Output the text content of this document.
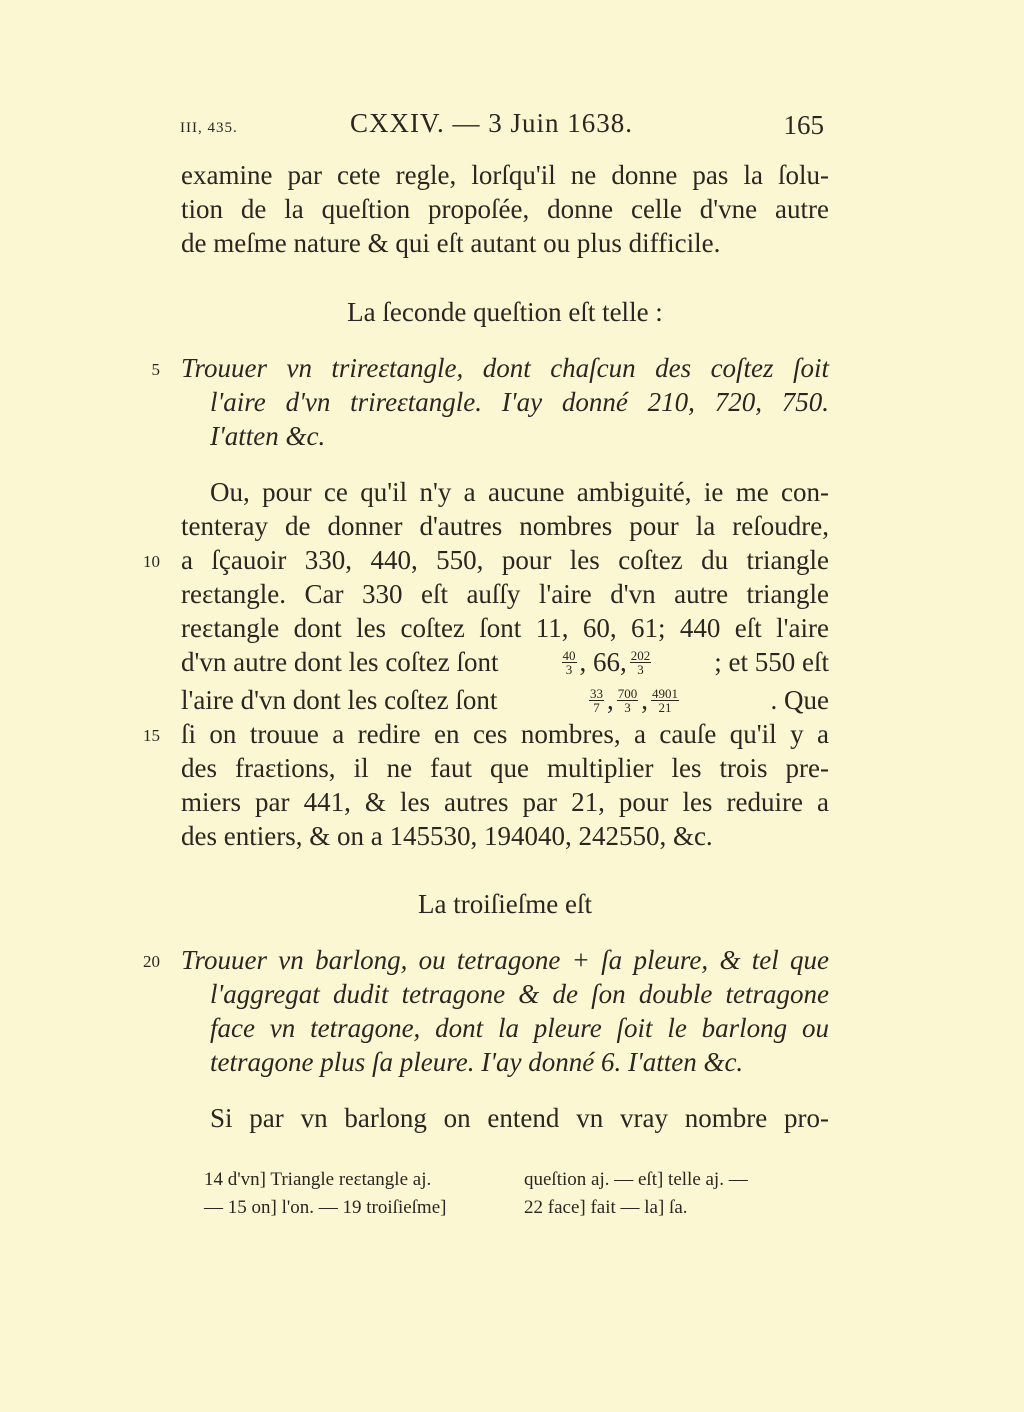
III, 435.	CXXIV. — 3 Juin 1638.	165
examine par cete regle, lorſqu'il ne donne pas la ſolu-
tion de la queſtion propoſée, donne celle d'vne autre
de meſme nature & qui eſt autant ou plus difficile.
La ſeconde queſtion eſt telle :
5 Trouuer vn trireɛtangle, dont chaſcun des coſtez ſoit
l'aire d'vn trireɛtangle. I'ay donné 210, 720, 750.
I'atten &c.
Ou, pour ce qu'il n'y a aucune ambiguité, ie me con-
tenteray de donner d'autres nombres pour la reſoudre,
10 a ſçauoir 330, 440, 550, pour les coſtez du triangle
reɛtangle. Car 330 eſt auſſy l'aire d'vn autre triangle
reɛtangle dont les coſtez ſont 11, 60, 61; 440 eſt l'aire
d'vn autre dont les coſtez ſont	$\frac{40}{3}$ , 66, $\frac{202}{3}$ ; et 550 eſt
l'aire d'vn dont les coſtez ſont	$\frac{33}{7}$ , $\frac{700}{3}$ , $\frac{4901}{21}$	. Que
15 ſi on trouue a redire en ces nombres, a cauſe qu'il y a
des fraɛtions, il ne faut que multiplier les trois pre-
miers par 441, & les autres par 21, pour les reduire a
des entiers, & on a 145530, 194040, 242550, &c.
La troiſieſme eſt
20 Trouuer vn barlong, ou tetragone + ſa pleure, & tel que
l'aggregat dudit tetragone & de ſon double tetragone
face vn tetragone, dont la pleure ſoit le barlong ou
tetragone plus ſa pleure. I'ay donné 6. I'atten &c.
Si par vn barlong on entend vn vray nombre pro-
14 d'vn] Triangle reɛtangle aj.
— 15 on] l'on. — 19 troiſieſme]
queſtion aj. — eſt] telle aj. —
22 face] fait — la] ſa.
